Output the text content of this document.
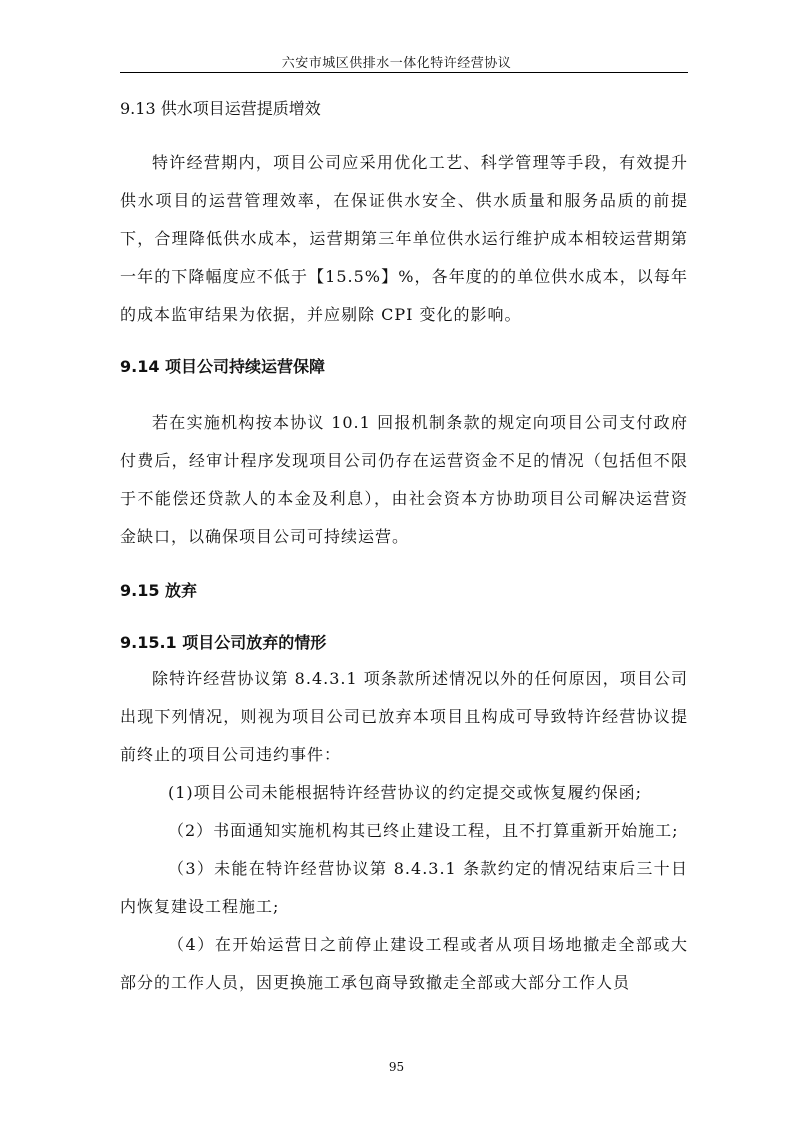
六安市城区供排水一体化特许经营协议

9.13 供水项目运营提质增效

特许经营期内，项目公司应采用优化工艺、科学管理等手段，有效提升供水项目的运营管理效率，在保证供水安全、供水质量和服务品质的前提下，合理降低供水成本，运营期第三年单位供水运行维护成本相较运营期第一年的下降幅度应不低于【15.5%】%，各年度的的单位供水成本，以每年的成本监审结果为依据，并应剔除 CPI 变化的影响。

9.14 项目公司持续运营保障

若在实施机构按本协议 10.1 回报机制条款的规定向项目公司支付政府付费后，经审计程序发现项目公司仍存在运营资金不足的情况（包括但不限于不能偿还贷款人的本金及利息），由社会资本方协助项目公司解决运营资金缺口，以确保项目公司可持续运营。

9.15 放弃

9.15.1 项目公司放弃的情形

除特许经营协议第 8.4.3.1 项条款所述情况以外的任何原因，项目公司出现下列情况，则视为项目公司已放弃本项目且构成可导致特许经营协议提前终止的项目公司违约事件：

(1)项目公司未能根据特许经营协议的约定提交或恢复履约保函;

（2）书面通知实施机构其已终止建设工程，且不打算重新开始施工;

（3）未能在特许经营协议第 8.4.3.1 条款约定的情况结束后三十日内恢复建设工程施工;

（4）在开始运营日之前停止建设工程或者从项目场地撤走全部或大部分的工作人员，因更换施工承包商导致撤走全部或大部分工作人员

95
